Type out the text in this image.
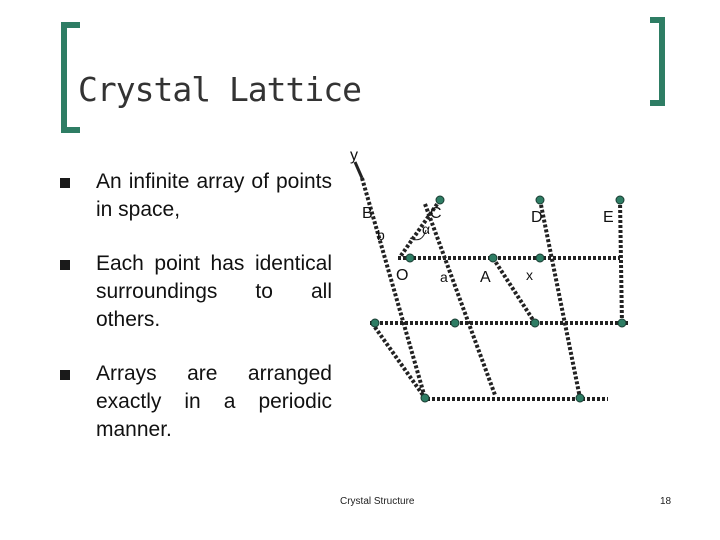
Crystal Lattice
An infinite array of points in space,
Each point has identical surroundings to all others.
Arrays are arranged exactly in a periodic manner.
y
B	C
b	α
D	E
O a A	x
Crystal Structure	18
